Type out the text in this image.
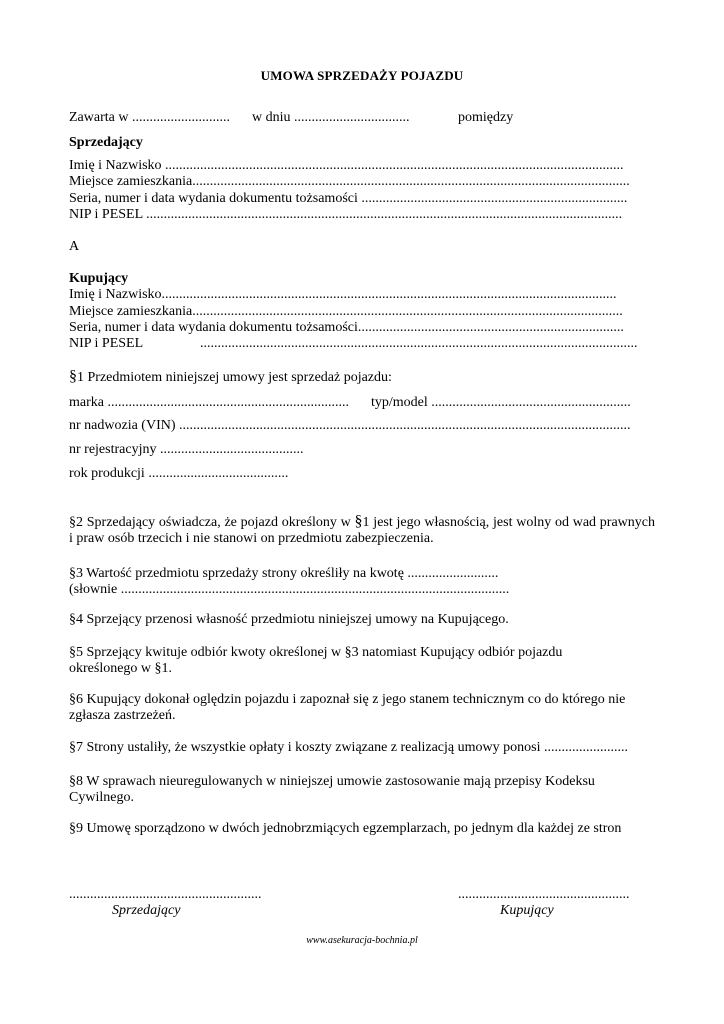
UMOWA SPRZEDAŻY POJAZDU
Zawarta w ............................ w dniu .................................	pomiędzy
Sprzedający
Imię i Nazwisko ...................................................................................................................................
Miejsce zamieszkania.............................................................................................................................
Seria, numer i data wydania dokumentu tożsamości ............................................................................
NIP i PESEL ........................................................................................................................................
A
Kupujący
Imię i Nazwisko..................................................................................................................................
Miejsce zamieszkania...........................................................................................................................
Seria, numer i data wydania dokumentu tożsamości............................................................................
NIP i PESEL	.............................................................................................................................
§1 Przedmiotem niniejszej umowy jest sprzedaż pojazdu:
marka ..................................................................... typ/model .........................................................
nr nadwozia (VIN) .................................................................................................................................
nr rejestracyjny .........................................
rok produkcji ........................................
§2 Sprzedający oświadcza, że pojazd określony w §1 jest jego własnością, jest wolny od wad prawnych i praw osób trzecich i nie stanowi on przedmiotu zabezpieczenia.
§3 Wartość przedmiotu sprzedaży strony określiły na kwotę ..........................
(słownie ...............................................................................................................
§4 Sprzejący przenosi własność przedmiotu niniejszej umowy na Kupującego.
§5 Sprzejący kwituje odbiór kwoty określonej w §3 natomiast Kupujący odbiór pojazdu określonego w §1.
§6 Kupujący dokonał oględzin pojazdu i zapoznał się z jego stanem technicznym co do którego nie zgłasza zastrzeżeń.
§7 Strony ustaliły, że wszystkie opłaty i koszty związane z realizacją umowy ponosi ........................
§8 W sprawach nieuregulowanych w niniejszej umowie zastosowanie mają przepisy Kodeksu Cywilnego.
§9 Umowę sporządzono w dwóch jednobrzmiących egzemplarzach, po jednym dla każdej ze stron
.......................................................	.................................................
Sprzedający	Kupujący
www.asekuracja-bochnia.pl
